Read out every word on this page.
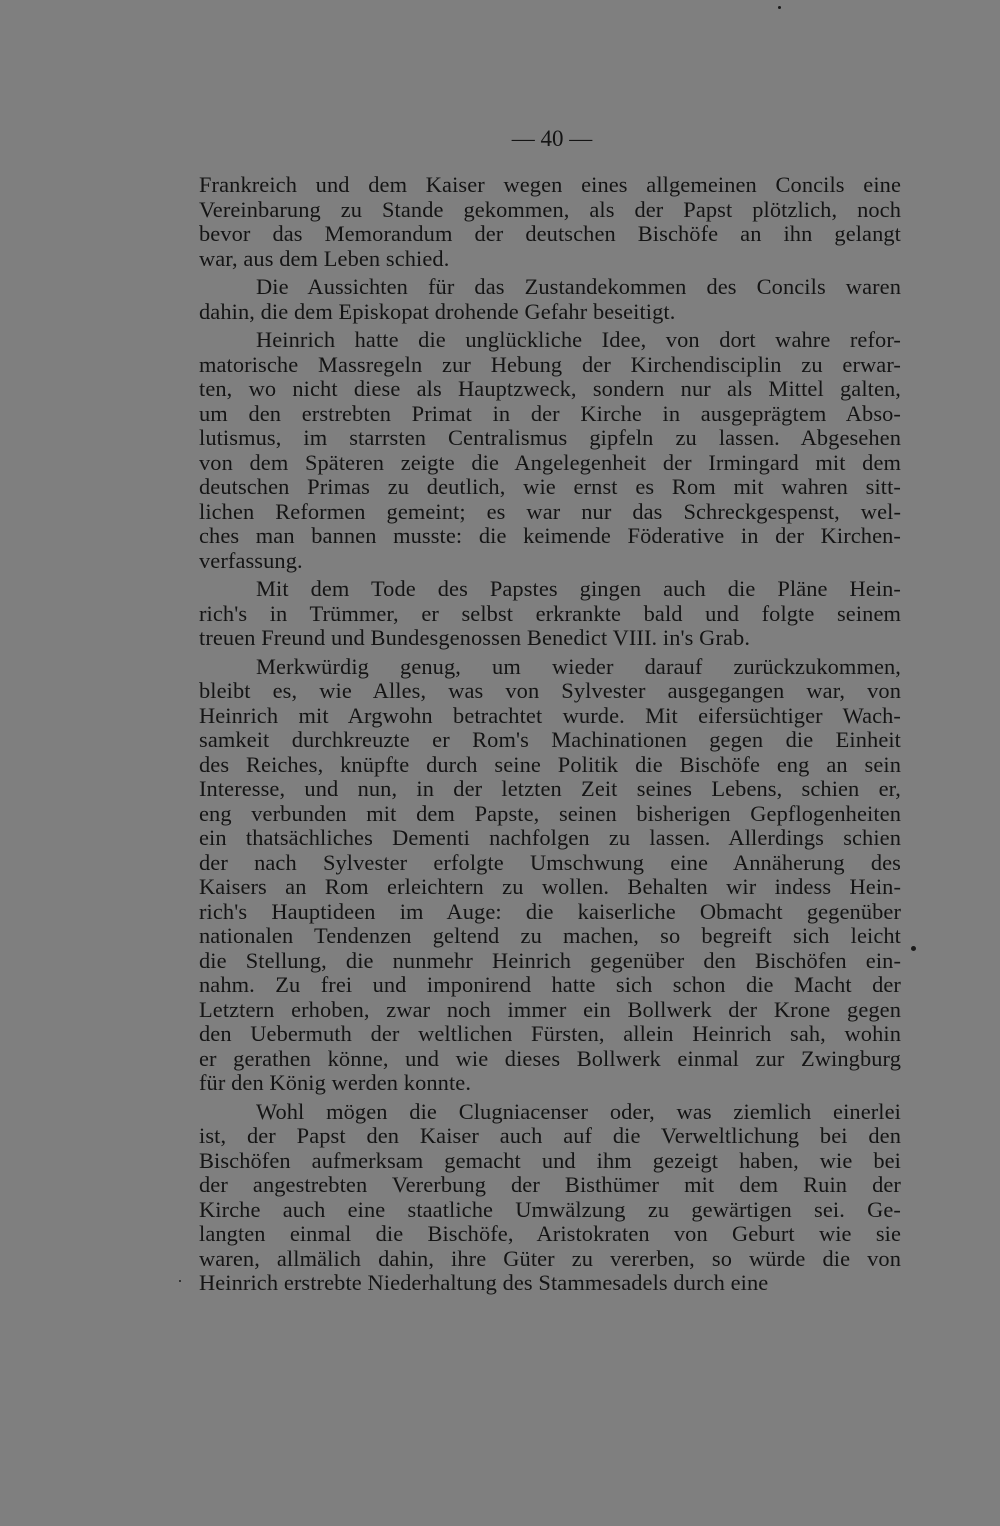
— 40 —
Frankreich und dem Kaiser wegen eines allgemeinen Concils eine
Vereinbarung zu Stande gekommen, als der Papst plötzlich, noch
bevor das Memorandum der deutschen Bischöfe an ihn gelangt
war, aus dem Leben schied.
Die Aussichten für das Zustandekommen des Concils waren
dahin, die dem Episkopat drohende Gefahr beseitigt.
Heinrich hatte die unglückliche Idee, von dort wahre refor-
matorische Massregeln zur Hebung der Kirchendisciplin zu erwar-
ten, wo nicht diese als Hauptzweck, sondern nur als Mittel galten,
um den erstrebten Primat in der Kirche in ausgeprägtem Abso-
lutismus, im starrsten Centralismus gipfeln zu lassen. Abgesehen
von dem Späteren zeigte die Angelegenheit der Irmingard mit dem
deutschen Primas zu deutlich, wie ernst es Rom mit wahren sitt-
lichen Reformen gemeint; es war nur das Schreckgespenst, wel-
ches man bannen musste: die keimende Föderative in der Kirchen-
verfassung.
Mit dem Tode des Papstes gingen auch die Pläne Hein-
rich's in Trümmer, er selbst erkrankte bald und folgte seinem
treuen Freund und Bundesgenossen Benedict VIII. in's Grab.
Merkwürdig genug, um wieder darauf zurückzukommen,
bleibt es, wie Alles, was von Sylvester ausgegangen war, von
Heinrich mit Argwohn betrachtet wurde. Mit eifersüchtiger Wach-
samkeit durchkreuzte er Rom's Machinationen gegen die Einheit
des Reiches, knüpfte durch seine Politik die Bischöfe eng an sein
Interesse, und nun, in der letzten Zeit seines Lebens, schien er,
eng verbunden mit dem Papste, seinen bisherigen Gepflogenheiten
ein thatsächliches Dementi nachfolgen zu lassen. Allerdings schien
der nach Sylvester erfolgte Umschwung eine Annäherung des
Kaisers an Rom erleichtern zu wollen. Behalten wir indess Hein-
rich's Hauptideen im Auge: die kaiserliche Obmacht gegenüber
nationalen Tendenzen geltend zu machen, so begreift sich leicht
die Stellung, die nunmehr Heinrich gegenüber den Bischöfen ein-
nahm. Zu frei und imponirend hatte sich schon die Macht der
Letztern erhoben, zwar noch immer ein Bollwerk der Krone gegen
den Uebermuth der weltlichen Fürsten, allein Heinrich sah, wohin
er gerathen könne, und wie dieses Bollwerk einmal zur Zwingburg
für den König werden konnte.
Wohl mögen die Clugniacenser oder, was ziemlich einerlei
ist, der Papst den Kaiser auch auf die Verweltlichung bei den
Bischöfen aufmerksam gemacht und ihm gezeigt haben, wie bei
der angestrebten Vererbung der Bisthümer mit dem Ruin der
Kirche auch eine staatliche Umwälzung zu gewärtigen sei. Ge-
langten einmal die Bischöfe, Aristokraten von Geburt wie sie
waren, allmälich dahin, ihre Güter zu vererben, so würde die von
Heinrich erstrebte Niederhaltung des Stammesadels durch eine
